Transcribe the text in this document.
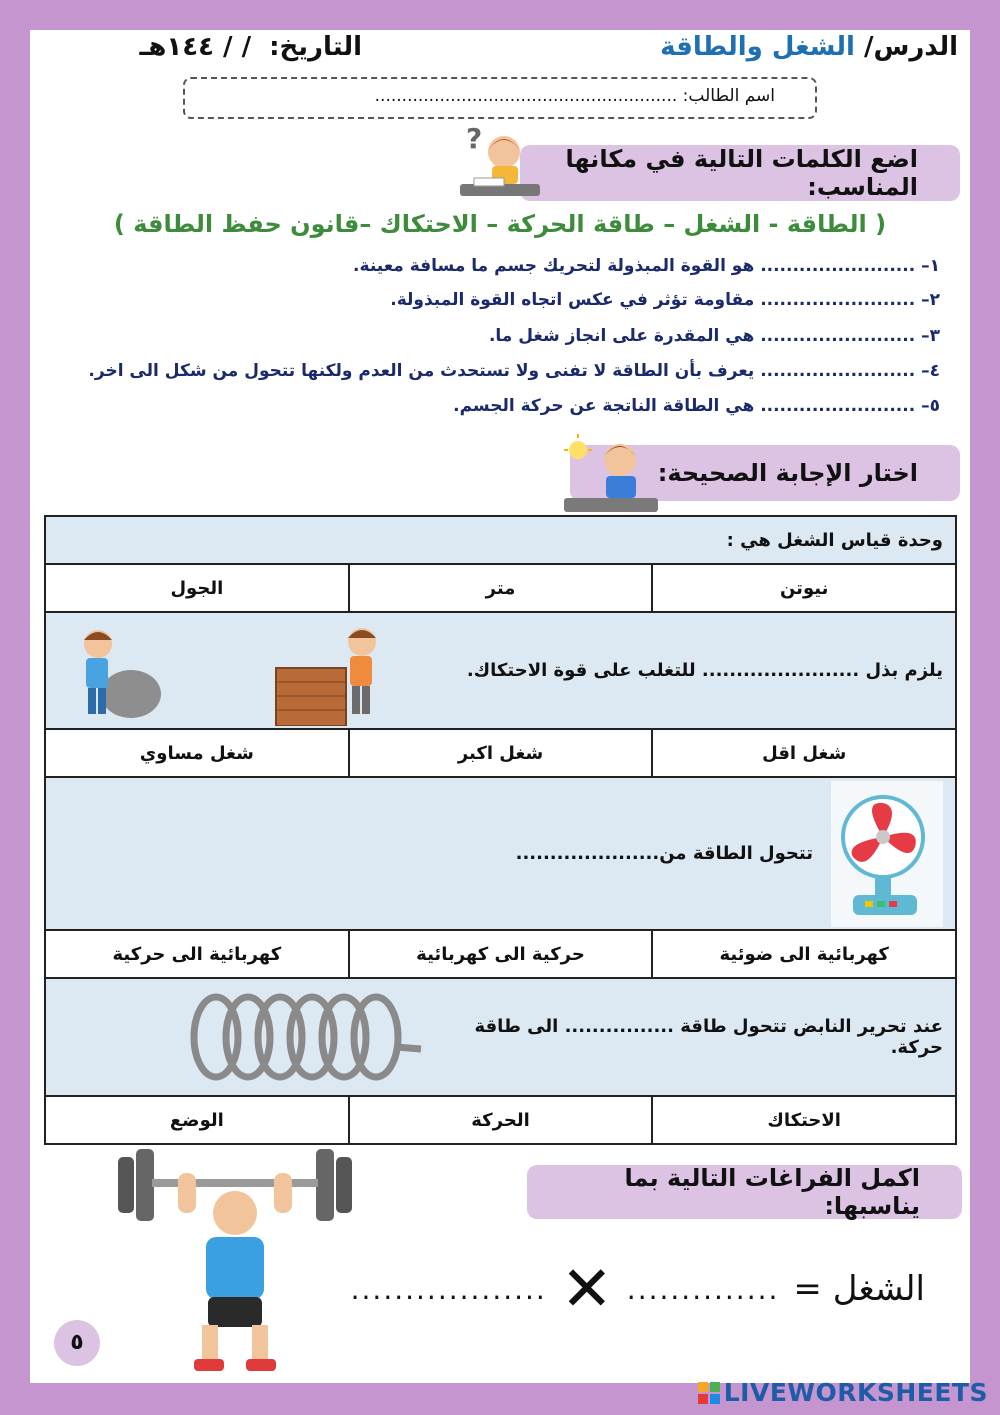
الدرس/ الشغل والطاقة
التاريخ:
/ / ١٤٤هـ
اسم الطالب: ........................................................
اضع الكلمات التالية في مكانها المناسب:
?
( الطاقة - الشغل – طاقة الحركة – الاحتكاك –قانون حفظ الطاقة )
١– ........................ هو القوة المبذولة لتحريك جسم ما مسافة معينة.
٢– ........................ مقاومة تؤثر في عكس اتجاه القوة المبذولة.
٣– ........................ هي المقدرة على انجاز شغل ما.
٤– ........................ يعرف بأن الطاقة لا تفنى ولا تستحدث من العدم ولكنها تتحول من شكل الى اخر.
٥– ........................ هي الطاقة الناتجة عن حركة الجسم.
اختار الإجابة الصحيحة:
وحدة قياس الشغل هي :		
نيوتن	متر	الجول

يلزم بذل ....................... للتغلب على قوة الاحتكاك.		

شغل اقل	شغل اكبر	شغل مساوي

تتحول الطاقة من.....................		

كهربائية الى ضوئية	حركية الى كهربائية	كهربائية الى حركية

عند تحرير النابض تتحول طاقة ................ الى طاقة حركة.		

الاحتكاك	الحركة	الوضع
اكمل الفراغات التالية بما يناسبها:
الشغل =
..............
✕
..................
٥
LIVEWORKSHEETS
